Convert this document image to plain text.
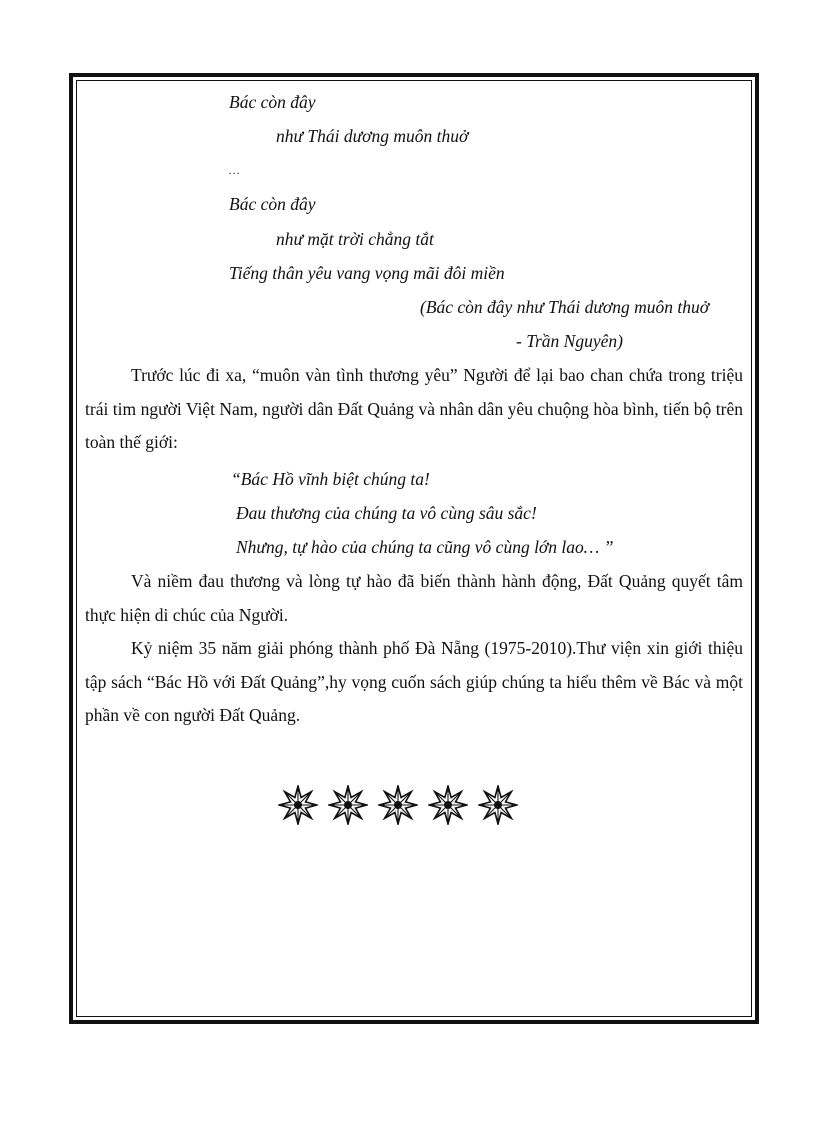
Bác còn đây
như Thái dương muôn thuở
…
Bác còn đây
như mặt trời chẳng tắt
Tiếng thân yêu vang vọng mãi đôi miền
(Bác còn đây như Thái dương muôn thuở
- Trần Nguyên)

Trước lúc đi xa, “muôn vàn tình thương yêu” Người để lại bao chan chứa trong triệu trái tim người Việt Nam, người dân Đất Quảng và nhân dân yêu chuộng hòa bình, tiến bộ trên toàn thế giới:

“Bác Hồ vĩnh biệt chúng ta!
Đau thương của chúng ta vô cùng sâu sắc!
Nhưng, tự hào của chúng ta cũng vô cùng lớn lao… ”

Và niềm đau thương và lòng tự hào đã biến thành hành động, Đất Quảng quyết tâm thực hiện di chúc của Người.

Kỷ niệm 35 năm giải phóng thành phố Đà Nẵng (1975-2010).Thư viện xin giới thiệu tập sách “Bác Hồ với Đất Quảng”,hy vọng cuốn sách giúp chúng ta hiểu thêm về Bác và một phần về con người Đất Quảng.
